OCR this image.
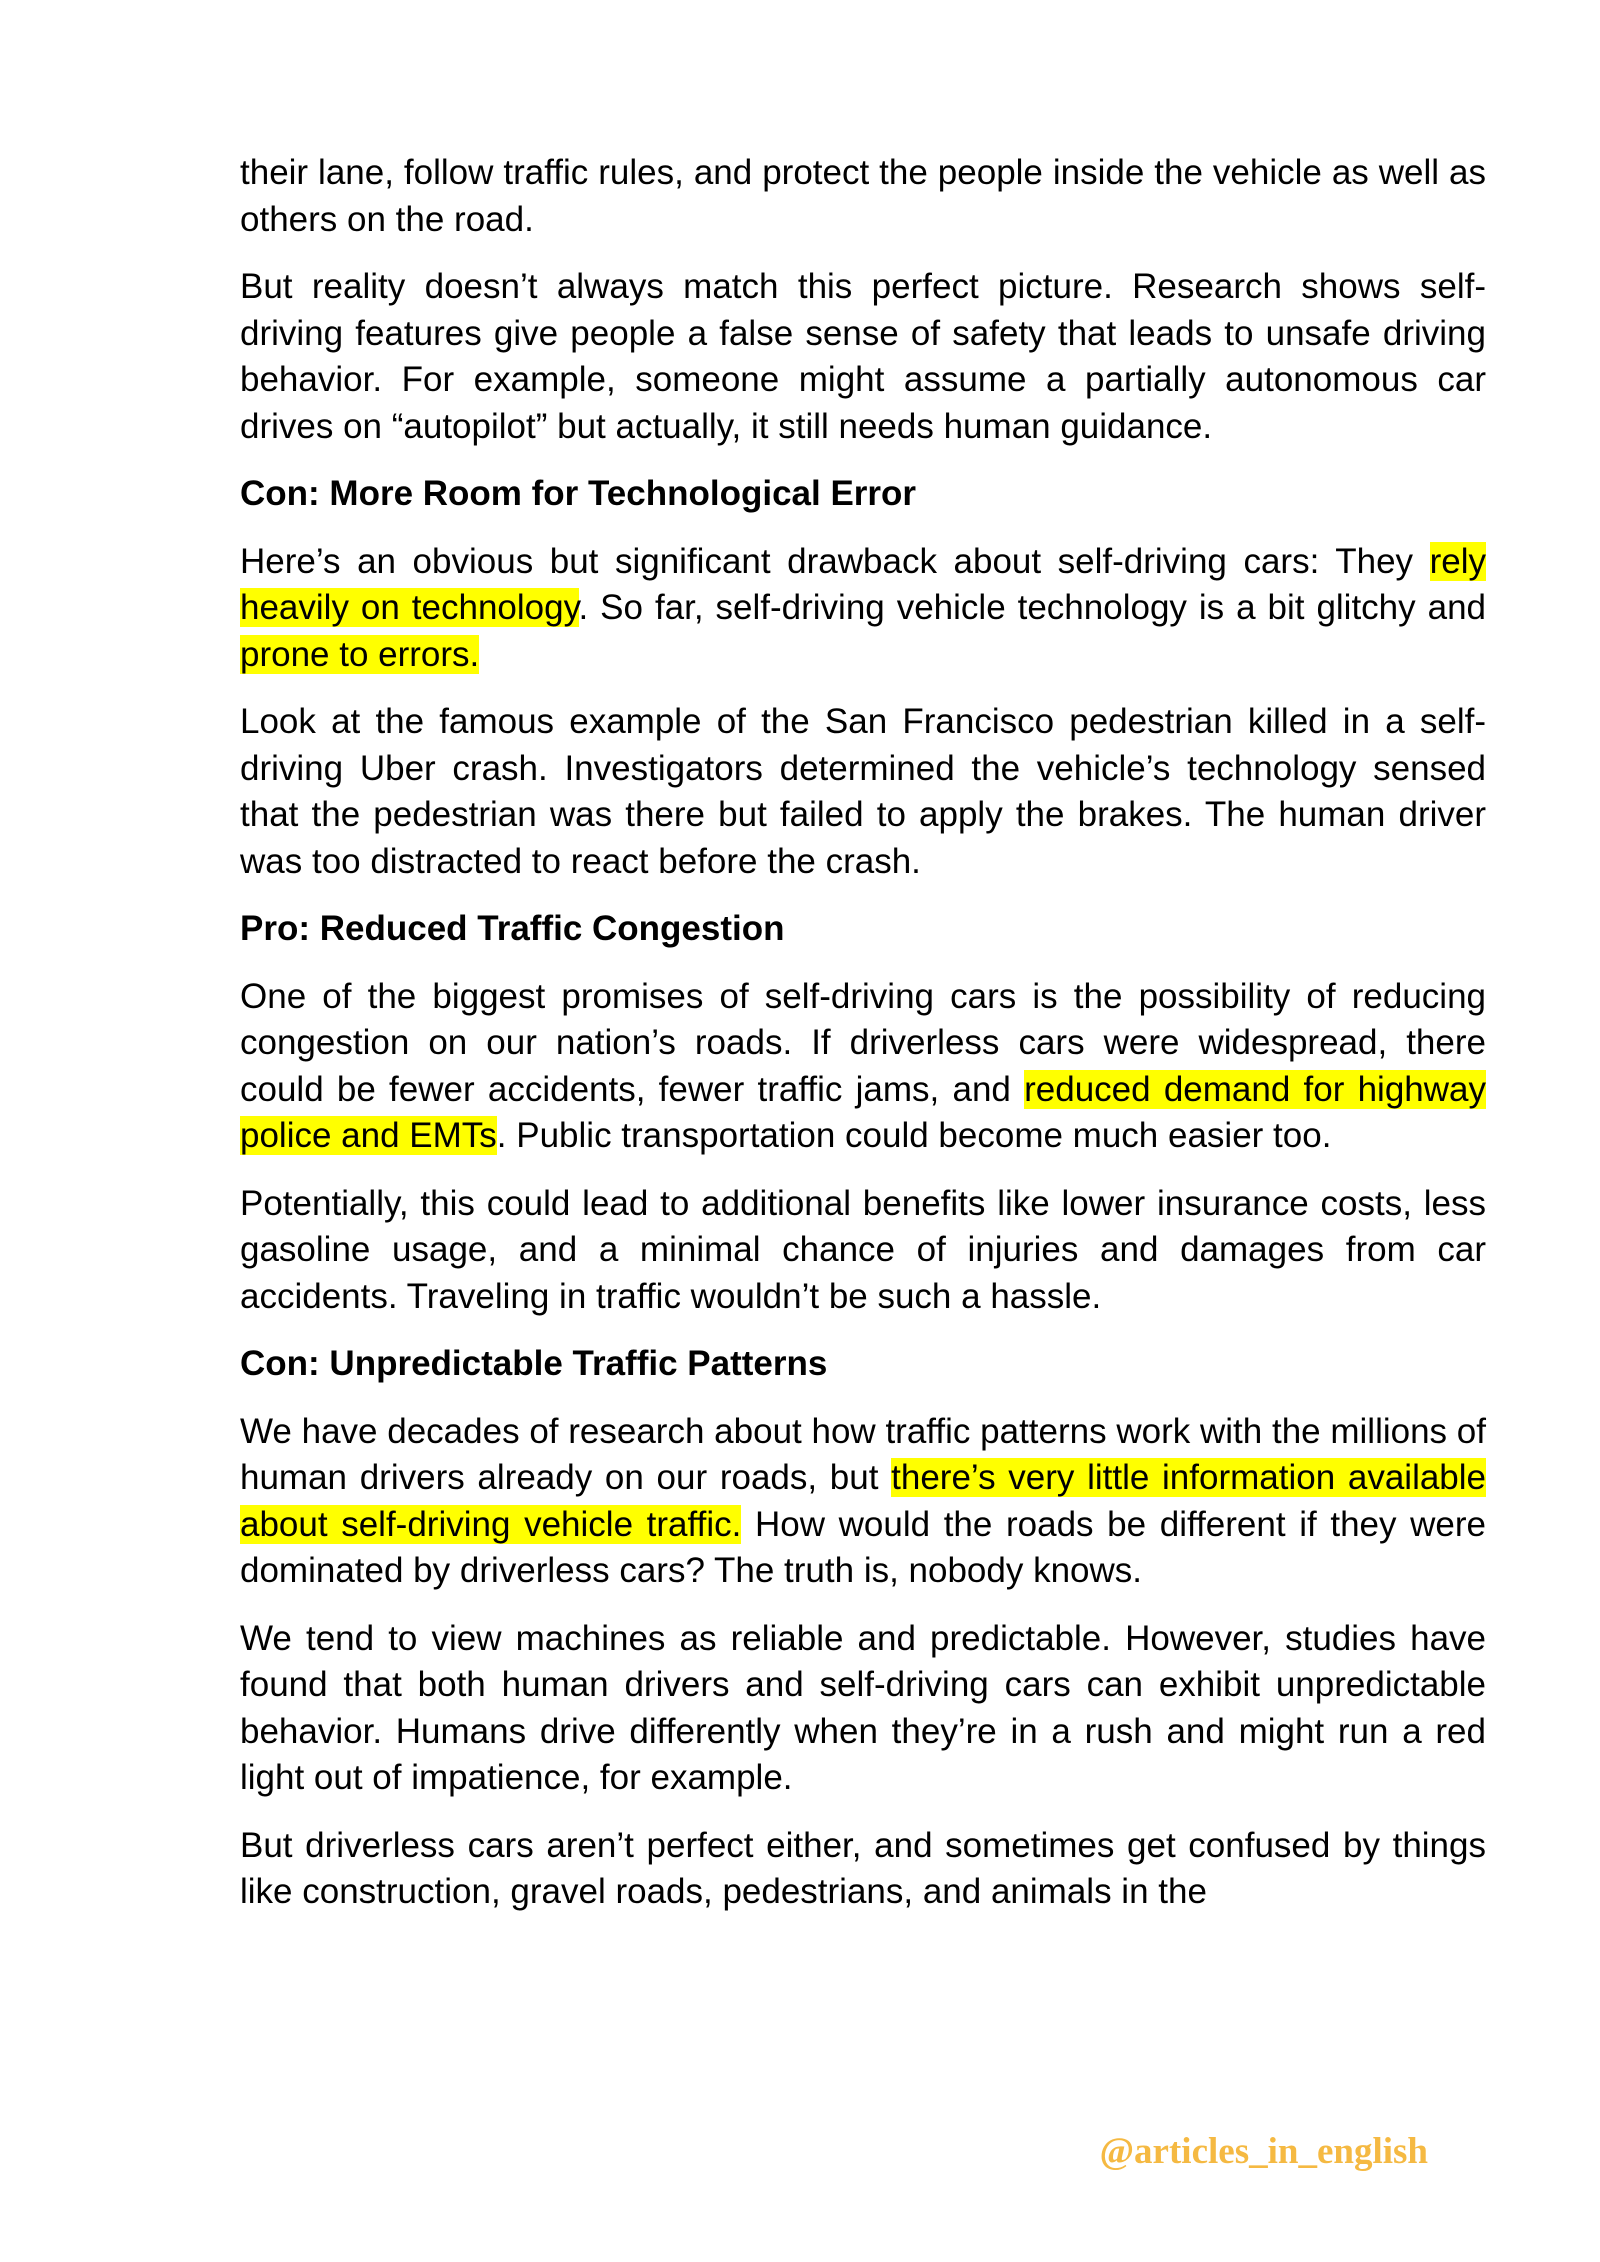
their lane, follow traffic rules, and protect the people inside the vehicle as well as others on the road.

But reality doesn’t always match this perfect picture. Research shows self-driving features give people a false sense of safety that leads to unsafe driving behavior. For example, someone might assume a partially autonomous car drives on “autopilot” but actually, it still needs human guidance.

Con: More Room for Technological Error

Here’s an obvious but significant drawback about self-driving cars: They rely heavily on technology. So far, self-driving vehicle technology is a bit glitchy and prone to errors.

Look at the famous example of the San Francisco pedestrian killed in a self-driving Uber crash. Investigators determined the vehicle’s technology sensed that the pedestrian was there but failed to apply the brakes. The human driver was too distracted to react before the crash.

Pro: Reduced Traffic Congestion

One of the biggest promises of self-driving cars is the possibility of reducing congestion on our nation’s roads. If driverless cars were widespread, there could be fewer accidents, fewer traffic jams, and reduced demand for highway police and EMTs. Public transportation could become much easier too.

Potentially, this could lead to additional benefits like lower insurance costs, less gasoline usage, and a minimal chance of injuries and damages from car accidents. Traveling in traffic wouldn’t be such a hassle.

Con: Unpredictable Traffic Patterns

We have decades of research about how traffic patterns work with the millions of human drivers already on our roads, but there’s very little information available about self-driving vehicle traffic. How would the roads be different if they were dominated by driverless cars? The truth is, nobody knows.

We tend to view machines as reliable and predictable. However, studies have found that both human drivers and self-driving cars can exhibit unpredictable behavior. Humans drive differently when they’re in a rush and might run a red light out of impatience, for example.

But driverless cars aren’t perfect either, and sometimes get confused by things like construction, gravel roads, pedestrians, and animals in the

@articles_in_english
